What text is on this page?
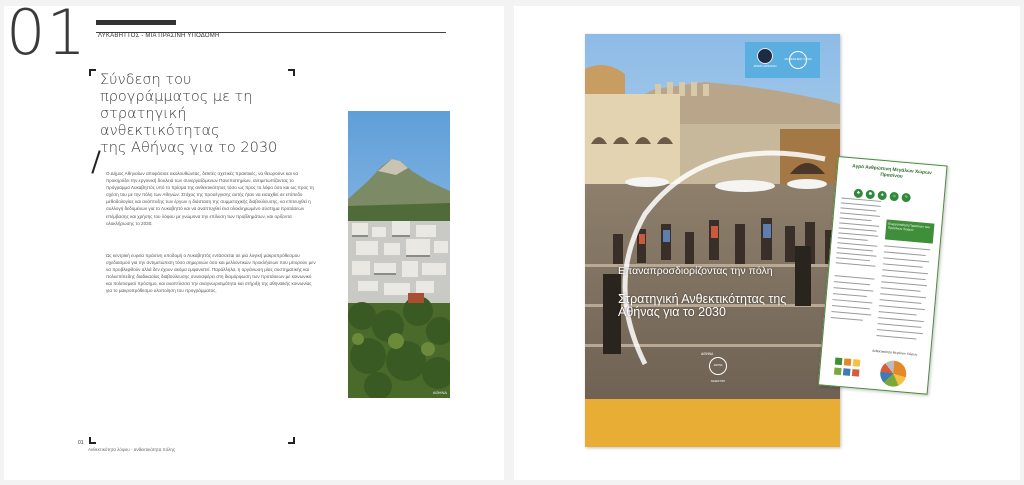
01 ΛΥΚΑΒΗΤΤΟΣ - ΜΙΑ ΠΡΑΣΙΝΗ ΥΠΟΔΟΜΗ
Σύνδεση του
προγράμματος με τη
στρατηγική ανθεκτικότητας
της Αθήνας για το 2030
Ο Δήμος Αθηναίων αποφάσισε ακολουθώντας, δεϊκτές σχετικές πρακτικές, να θεωρούνε και να προκηρύξει την εργονική δουλειά των συνεργαζόμενων Πανεπιστημίων, αντιμετωπίζοντας το πρόγραμμα Λυκαβηττός υπό το πρίσμα της ανθεκτικότητας τόσο ως προς το λόφο όσο και ως προς τη σχέση του με την πόλη των Αθηνών. Στόχος της προσέγγισης αυτής ήταν να εισαχθεί σε επίπεδο μεθοδολογίας και ανάπτυξης των έργων η διάσταση της συμμετοχικής διαβούλευσης, να επιτευχθεί η συλλογή δεδομένων για το Λυκαβηττό και να αναπτυχθεί ένα ολοκληρωμένο σύστημα προτάσεων επέμβασης και χρήσης του λόφου με γνώμονα την επίλυση των προβλημάτων, και ορίζοντα ολοκλήρωσης το 2030.
Ως κεντρική ευρεία πράσινη υποδομή ο Λυκαβηττός εντάσσεται σε μία λογική μακροπρόθεσμου σχεδιασμού για την αντιμετώπιση τόσο σημερινών όσο και μελλοντικών προκλήσεων που μπορούν μεν να προβλεφθούν αλλά δεν έχουν ακόμα εμφανιστεί. Παράλληλα, η οργάνωση μίας συστηματικής και πολυεπίπεδης διαδικασίας διαβούλευσης συνεισφέρει στη διαμόρφωση των προτάσεων με κοινωνικό και πολιτισμικό πρόσημο, και αναπτύσσει την αναγνωρισιμότητα και στήριξη της αθηναϊκής κοινωνίας για το μακροπρόθεσμο υλοποίηση του προγράμματος.
01
Ανθεκτικότητα λόφου - ανθεκτικότητα πόλης
ΑΘΗΝΑ
ΔΗΜΟΣ ΑΘΗΝΑΙΩΝ
100 RESILIENT CITIES
Επαναπροσδιορίζοντας την πόλη
Στρατηγική Ανθεκτικότητας της Αθήνας για το 2030
ΑΘΗΝΑ
ΑΘΗΝΑ ΑΝΘΕΚΤΙΚΗ
Αγρό Ανθρώπινη Μεγάλων Χώρων Πρασίνου
♣ ☻ ♠ ☼ ≈
Ενεργοποίηση Πρασίνων των Πρασίνων Χώρων
Ανθεκτικότητα Μεγάλων Χώρων
